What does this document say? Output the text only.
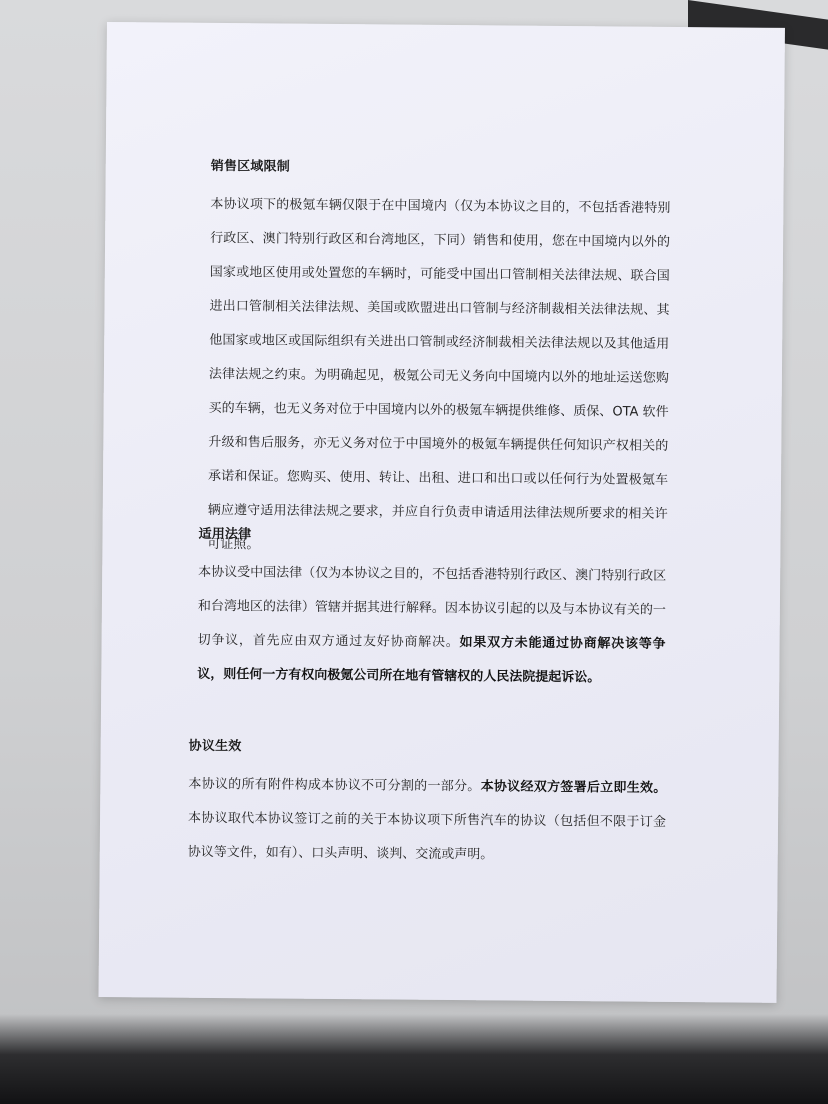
销售区域限制

本协议项下的极氪车辆仅限于在中国境内（仅为本协议之目的，不包括香港特别行政区、澳门特别行政区和台湾地区，下同）销售和使用，您在中国境内以外的国家或地区使用或处置您的车辆时，可能受中国出口管制相关法律法规、联合国进出口管制相关法律法规、美国或欧盟进出口管制与经济制裁相关法律法规、其他国家或地区或国际组织有关进出口管制或经济制裁相关法律法规以及其他适用法律法规之约束。为明确起见，极氪公司无义务向中国境内以外的地址运送您购买的车辆，也无义务对位于中国境内以外的极氪车辆提供维修、质保、OTA 软件升级和售后服务，亦无义务对位于中国境外的极氪车辆提供任何知识产权相关的承诺和保证。您购买、使用、转让、出租、进口和出口或以任何行为处置极氪车辆应遵守适用法律法规之要求，并应自行负责申请适用法律法规所要求的相关许可证照。

适用法律

本协议受中国法律（仅为本协议之目的，不包括香港特别行政区、澳门特别行政区和台湾地区的法律）管辖并据其进行解释。因本协议引起的以及与本协议有关的一切争议，首先应由双方通过友好协商解决。如果双方未能通过协商解决该等争议，则任何一方有权向极氪公司所在地有管辖权的人民法院提起诉讼。

协议生效

本协议的所有附件构成本协议不可分割的一部分。本协议经双方签署后立即生效。本协议取代本协议签订之前的关于本协议项下所售汽车的协议（包括但不限于订金协议等文件，如有）、口头声明、谈判、交流或声明。
